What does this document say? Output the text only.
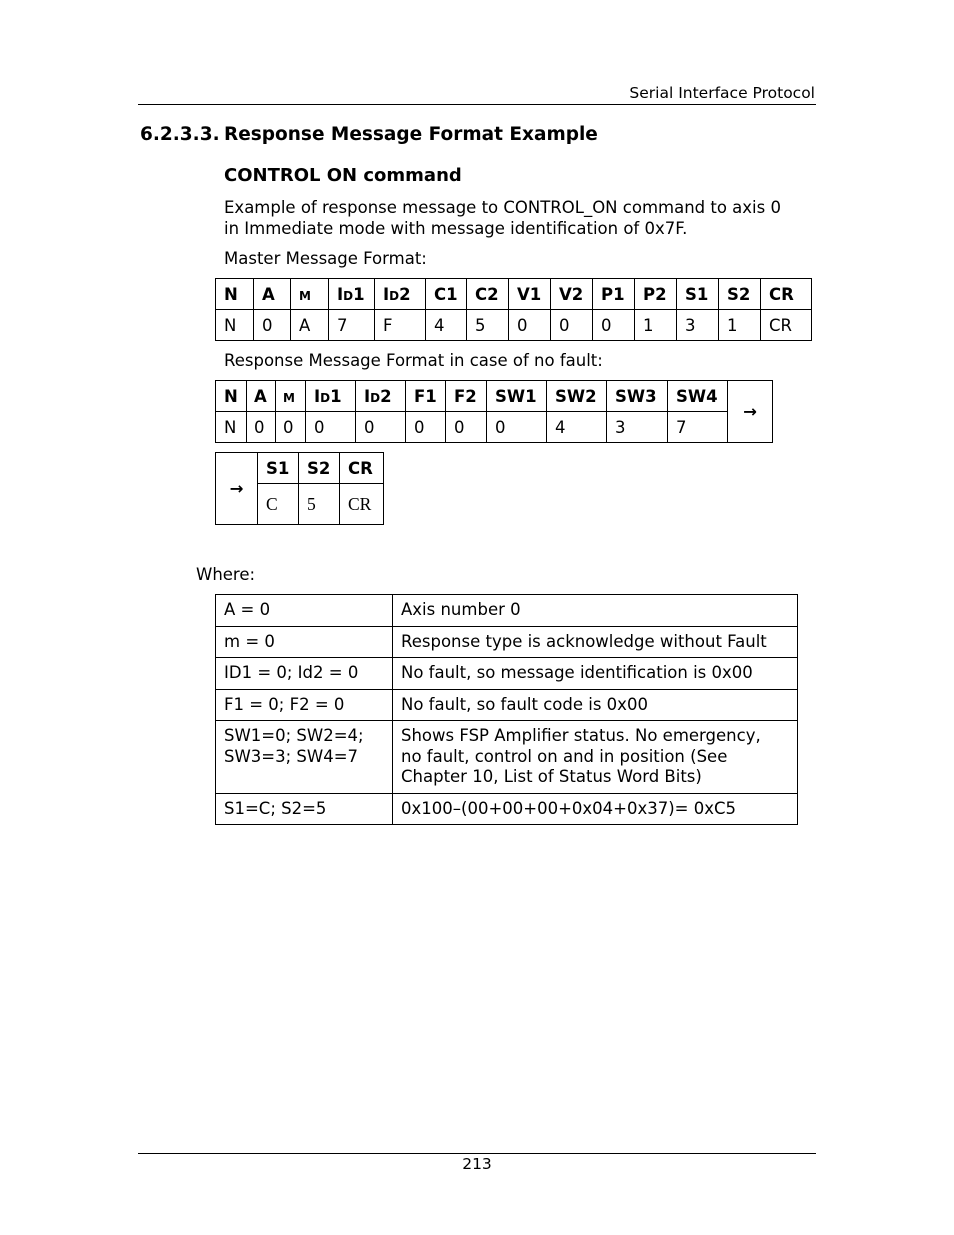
Serial Interface Protocol
6.2.3.3. Response Message Format Example
CONTROL ON command
Example of response message to CONTROL_ON command to axis 0
in Immediate mode with message identification of 0x7F.
Master Message Format:
N	A	m	Id1	Id2	C1	C2	V1	V2	P1	P2	S1	S2	CR
N	0	A	7	F	4	5	0	0	0	1	3	1	CR
Response Message Format in case of no fault:
N	A	m	Id1	Id2	F1	F2	SW1	SW2	SW3	SW4	→
N	0	0	0	0	0	0	0	4	3	7	
→	S1	S2	CR
	C	5	CR
Where:
A = 0	Axis number 0
m = 0	Response type is acknowledge without Fault
ID1 = 0; Id2 = 0	No fault, so message identification is 0x00
F1 = 0; F2 = 0	No fault, so fault code is 0x00
SW1=0; SW2=4;
SW3=3; SW4=7	Shows FSP Amplifier status. No emergency,
no fault, control on and in position (See
Chapter 10, List of Status Word Bits)
S1=C; S2=5	0x100–(00+00+00+0x04+0x37)= 0xC5
213
